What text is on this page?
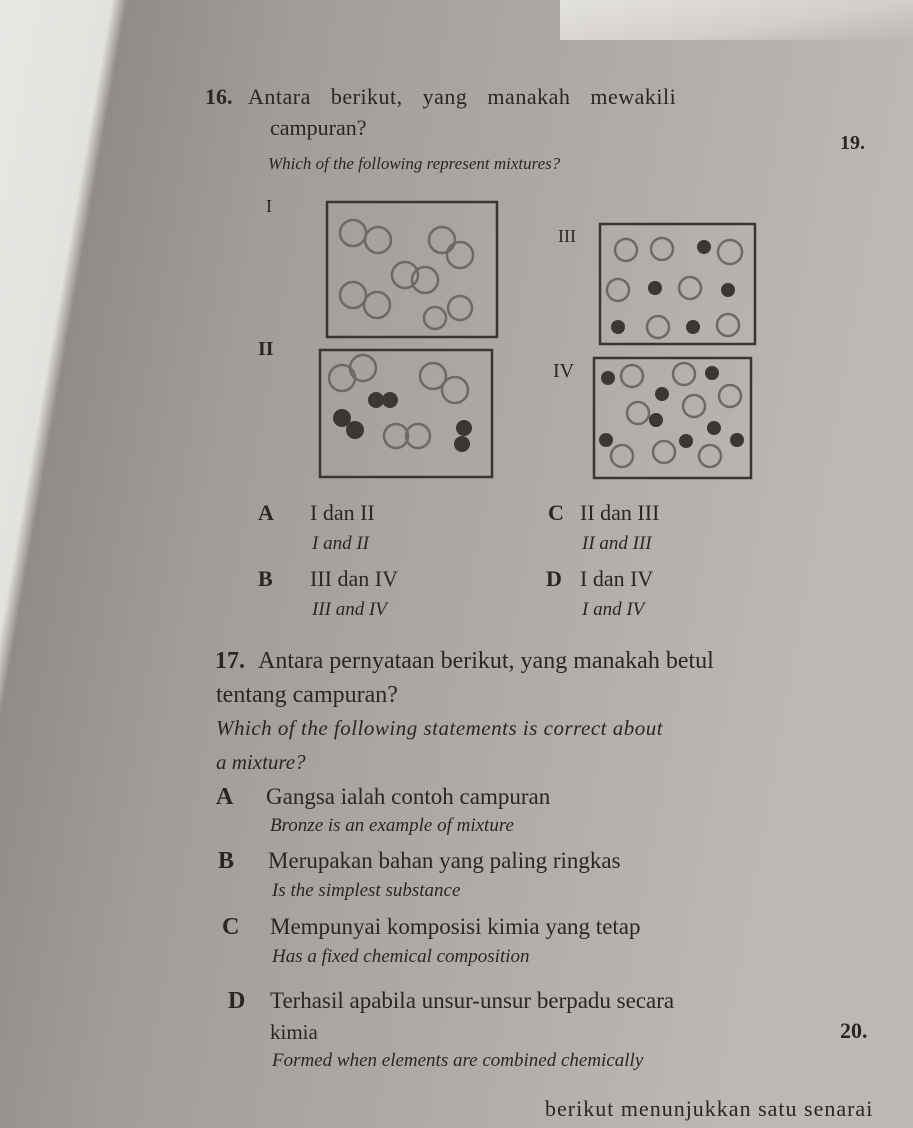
16. Antara berikut, yang manakah mewakili
campuran?
19.
Which of the following represent mixtures?
I
II
III
IV
A I dan II
I and II
B III dan IV
III and IV
C II dan III
II and III
D I dan IV
I and IV
17. Antara pernyataan berikut, yang manakah betul
tentang campuran?
Which of the following statements is correct about
a mixture?
A Gangsa ialah contoh campuran
Bronze is an example of mixture
B Merupakan bahan yang paling ringkas
Is the simplest substance
C Mempunyai komposisi kimia yang tetap
Has a fixed chemical composition
D Terhasil apabila unsur-unsur berpadu secara
kimia
Formed when elements are combined chemically
20.
berikut menunjukkan satu senarai
